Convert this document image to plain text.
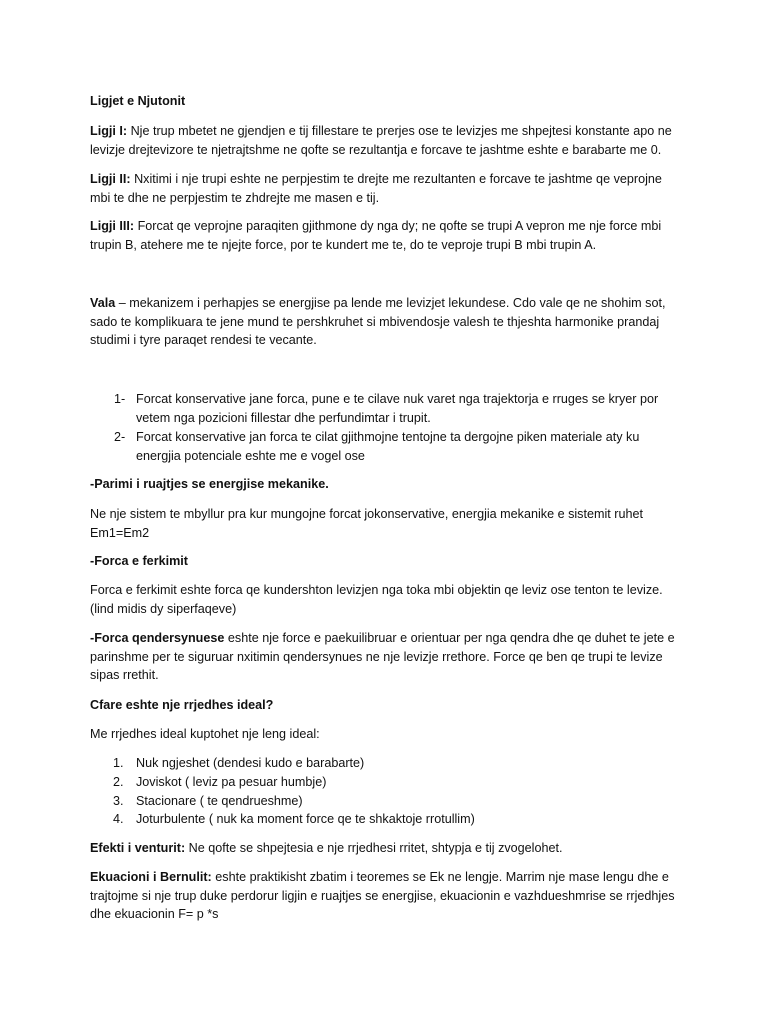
Ligjet e Njutonit

Ligji I: Nje trup mbetet ne gjendjen e tij fillestare te prerjes ose te levizjes me shpejtesi konstante apo ne levizje drejtevizore te njetrajtshme ne qofte se rezultantja e forcave te jashtme eshte e barabarte me 0.

Ligji II: Nxitimi i nje trupi eshte ne perpjestim te drejte me rezultanten e forcave te jashtme qe veprojne mbi te dhe ne perpjestim te zhdrejte me masen e tij.

Ligji III: Forcat qe veprojne paraqiten gjithmone dy nga dy; ne qofte se trupi A vepron me nje force mbi trupin B, atehere me te njejte force, por te kundert me te, do te veproje trupi B mbi trupin A.

Vala – mekanizem i perhapjes se energjise pa lende me levizjet lekundese. Cdo vale qe ne shohim sot, sado te komplikuara te jene mund te pershkruhet si mbivendosje valesh te thjeshta harmonike prandaj studimi i tyre paraqet rendesi te vecante.

1- Forcat konservative jane forca, pune e te cilave nuk varet nga trajektorja e rruges se kryer por vetem nga pozicioni fillestar dhe perfundimtar i trupit.
2- Forcat konservative jan forca te cilat gjithmojne tentojne ta dergojne piken materiale aty ku energjia potenciale eshte me e vogel ose

-Parimi i ruajtjes se energjise mekanike.

Ne nje sistem te mbyllur pra kur mungojne forcat jokonservative, energjia mekanike e sistemit ruhet Em1=Em2

-Forca e ferkimit

Forca e ferkimit eshte forca qe kundershton levizjen nga toka mbi objektin qe leviz ose tenton te levize. (lind midis dy siperfaqeve)

-Forca qendersynuese eshte nje force e paekuilibruar e orientuar per nga qendra dhe qe duhet te jete e parinshme per te siguruar nxitimin qendersynues ne nje levizje rrethore. Force qe ben qe trupi te levize sipas rrethit.

Cfare eshte nje rrjedhes ideal?

Me rrjedhes ideal kuptohet nje leng ideal:

1. Nuk ngjeshet (dendesi kudo e barabarte)
2. Joviskot ( leviz pa pesuar humbje)
3. Stacionare ( te qendrueshme)
4. Joturbulente ( nuk ka moment force qe te shkaktoje rrotullim)

Efekti i venturit: Ne qofte se shpejtesia e nje rrjedhesi rritet, shtypja e tij zvogelohet.

Ekuacioni i Bernulit: eshte praktikisht zbatim i teoremes se Ek ne lengje. Marrim nje mase lengu dhe e trajtojme si nje trup duke perdorur ligjin e ruajtjes se energjise, ekuacionin e vazhdueshmrise se rrjedhjes dhe ekuacionin F= p *s
